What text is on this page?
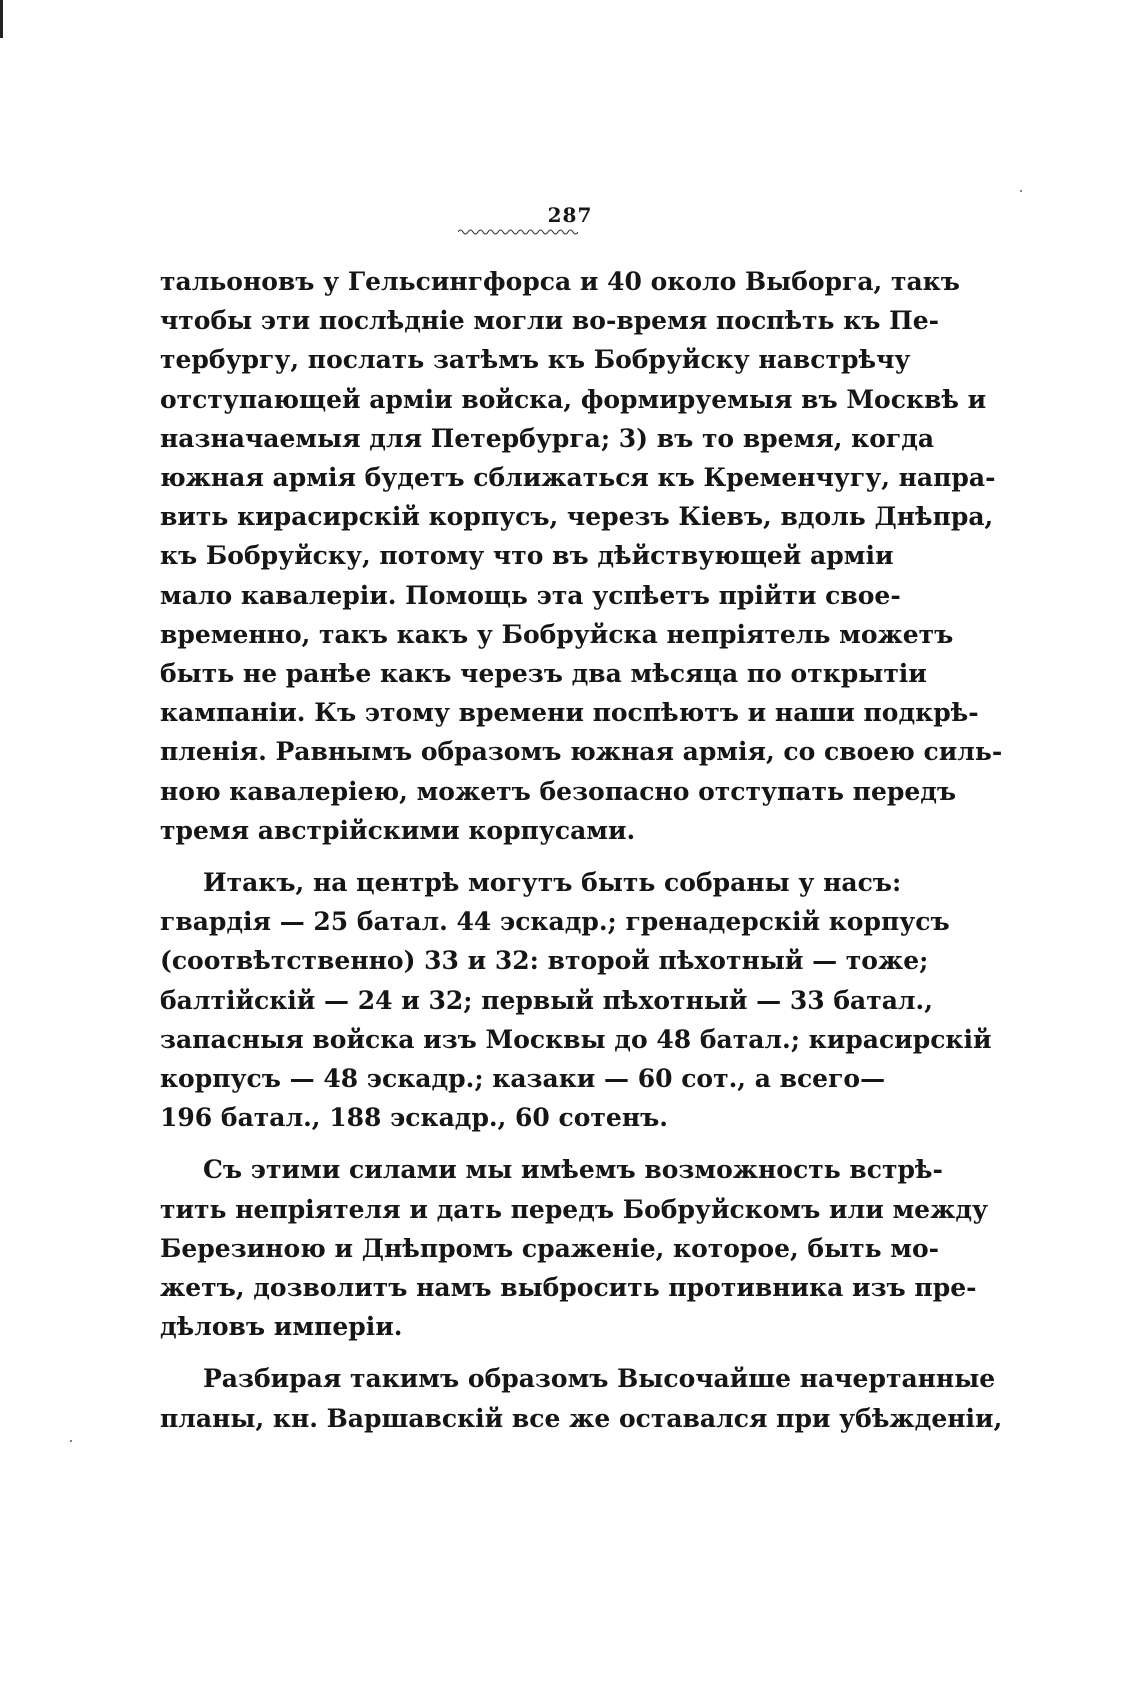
287
тальоновъ у Гельсингфорса и 40 около Выборга, такъ
чтобы эти послѣдніе могли во-время поспѣть къ Пе-
тербургу, послать затѣмъ къ Бобруйску навстрѣчу
отступающей арміи войска, формируемыя въ Москвѣ и
назначаемыя для Петербурга; 3) въ то время, когда
южная армія будетъ сближаться къ Кременчугу, напра-
вить кирасирскій корпусъ, черезъ Кіевъ, вдоль Днѣпра,
къ Бобруйску, потому что въ дѣйствующей арміи
мало кавалеріи. Помощь эта успѣетъ прійти свое-
временно, такъ какъ у Бобруйска непріятель можетъ
быть не ранѣе какъ черезъ два мѣсяца по открытіи
кампаніи. Къ этому времени поспѣютъ и наши подкрѣ-
пленія. Равнымъ образомъ южная армія, со своею силь-
ною кавалеріею, можетъ безопасно отступать передъ
тремя австрійскими корпусами.
Итакъ, на центрѣ могутъ быть собраны у насъ:
гвардія — 25 батал. 44 эскадр.; гренадерскій корпусъ
(соотвѣтственно) 33 и 32: второй пѣхотный — тоже;
балтійскій — 24 и 32; первый пѣхотный — 33 батал.,
запасныя войска изъ Москвы до 48 батал.; кирасирскій
корпусъ — 48 эскадр.; казаки — 60 сот., а всего—
196 батал., 188 эскадр., 60 сотенъ.
Съ этими силами мы имѣемъ возможность встрѣ-
тить непріятеля и дать передъ Бобруйскомъ или между
Березиною и Днѣпромъ сраженіе, которое, быть мо-
жетъ, дозволитъ намъ выбросить противника изъ пре-
дѣловъ имперіи.
Разбирая такимъ образомъ Высочайше начертанные
планы, кн. Варшавскій все же оставался при убѣжденіи,
